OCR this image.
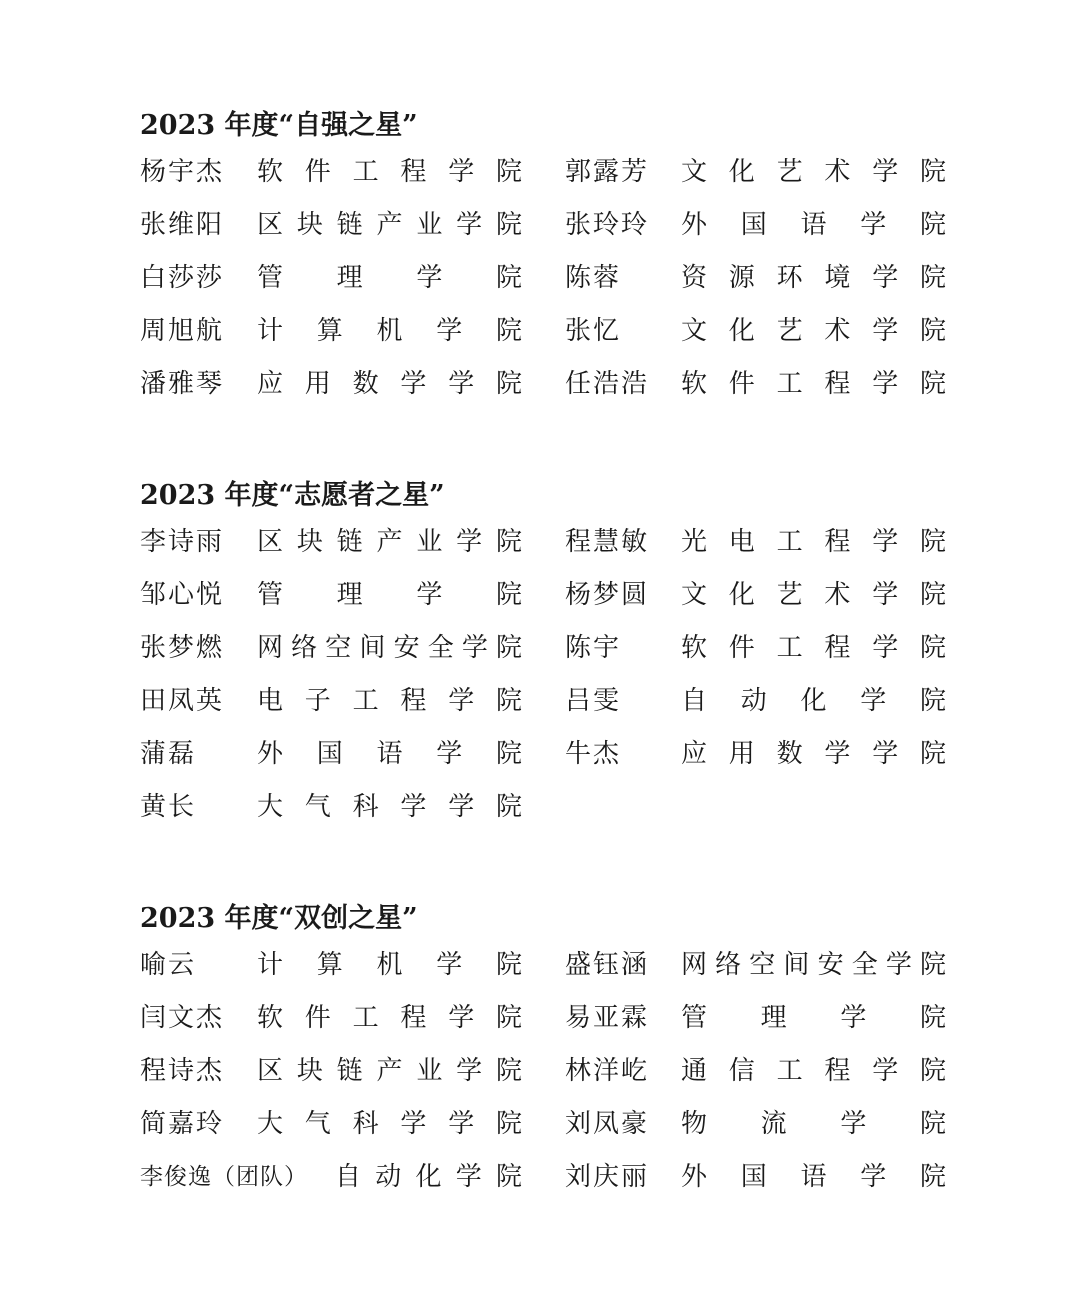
2023 年度“自强之星”
杨宇杰	软 件 工 程 学 院 郭露芳	文 化 艺 术 学 院
张维阳	区 块 链 产 业 学 院 张玲玲	外 国 语 学 院
白莎莎	管 理 学 院 陈蓉	资 源 环 境 学 院
周旭航	计 算 机 学 院 张忆	文 化 艺 术 学 院
潘雅琴	应 用 数 学 学 院 任浩浩	软 件 工 程 学 院
2023 年度“志愿者之星”
李诗雨	区 块 链 产 业 学 院 程慧敏	光 电 工 程 学 院
邹心悦	管 理 学 院 杨梦圆	文 化 艺 术 学 院
张梦燃	网 络 空 间 安 全 学 院 陈宇	软 件 工 程 学 院
田凤英	电 子 工 程 学 院 吕雯	自 动 化 学 院
蒲磊	外 国 语 学 院 牛杰	应 用 数 学 学 院
黄长	大 气 科 学 学 院
2023 年度“双创之星”
喻云	计 算 机 学 院 盛钰涵	网 络 空 间 安 全 学 院
闫文杰	软 件 工 程 学 院 易亚霖	管 理 学 院
程诗杰	区 块 链 产 业 学 院 林洋屹	通 信 工 程 学 院
简嘉玲	大 气 科 学 学 院 刘凤豪	物 流 学 院
李俊逸（团队）	自 动 化 学 院 刘庆丽	外 国 语 学 院
